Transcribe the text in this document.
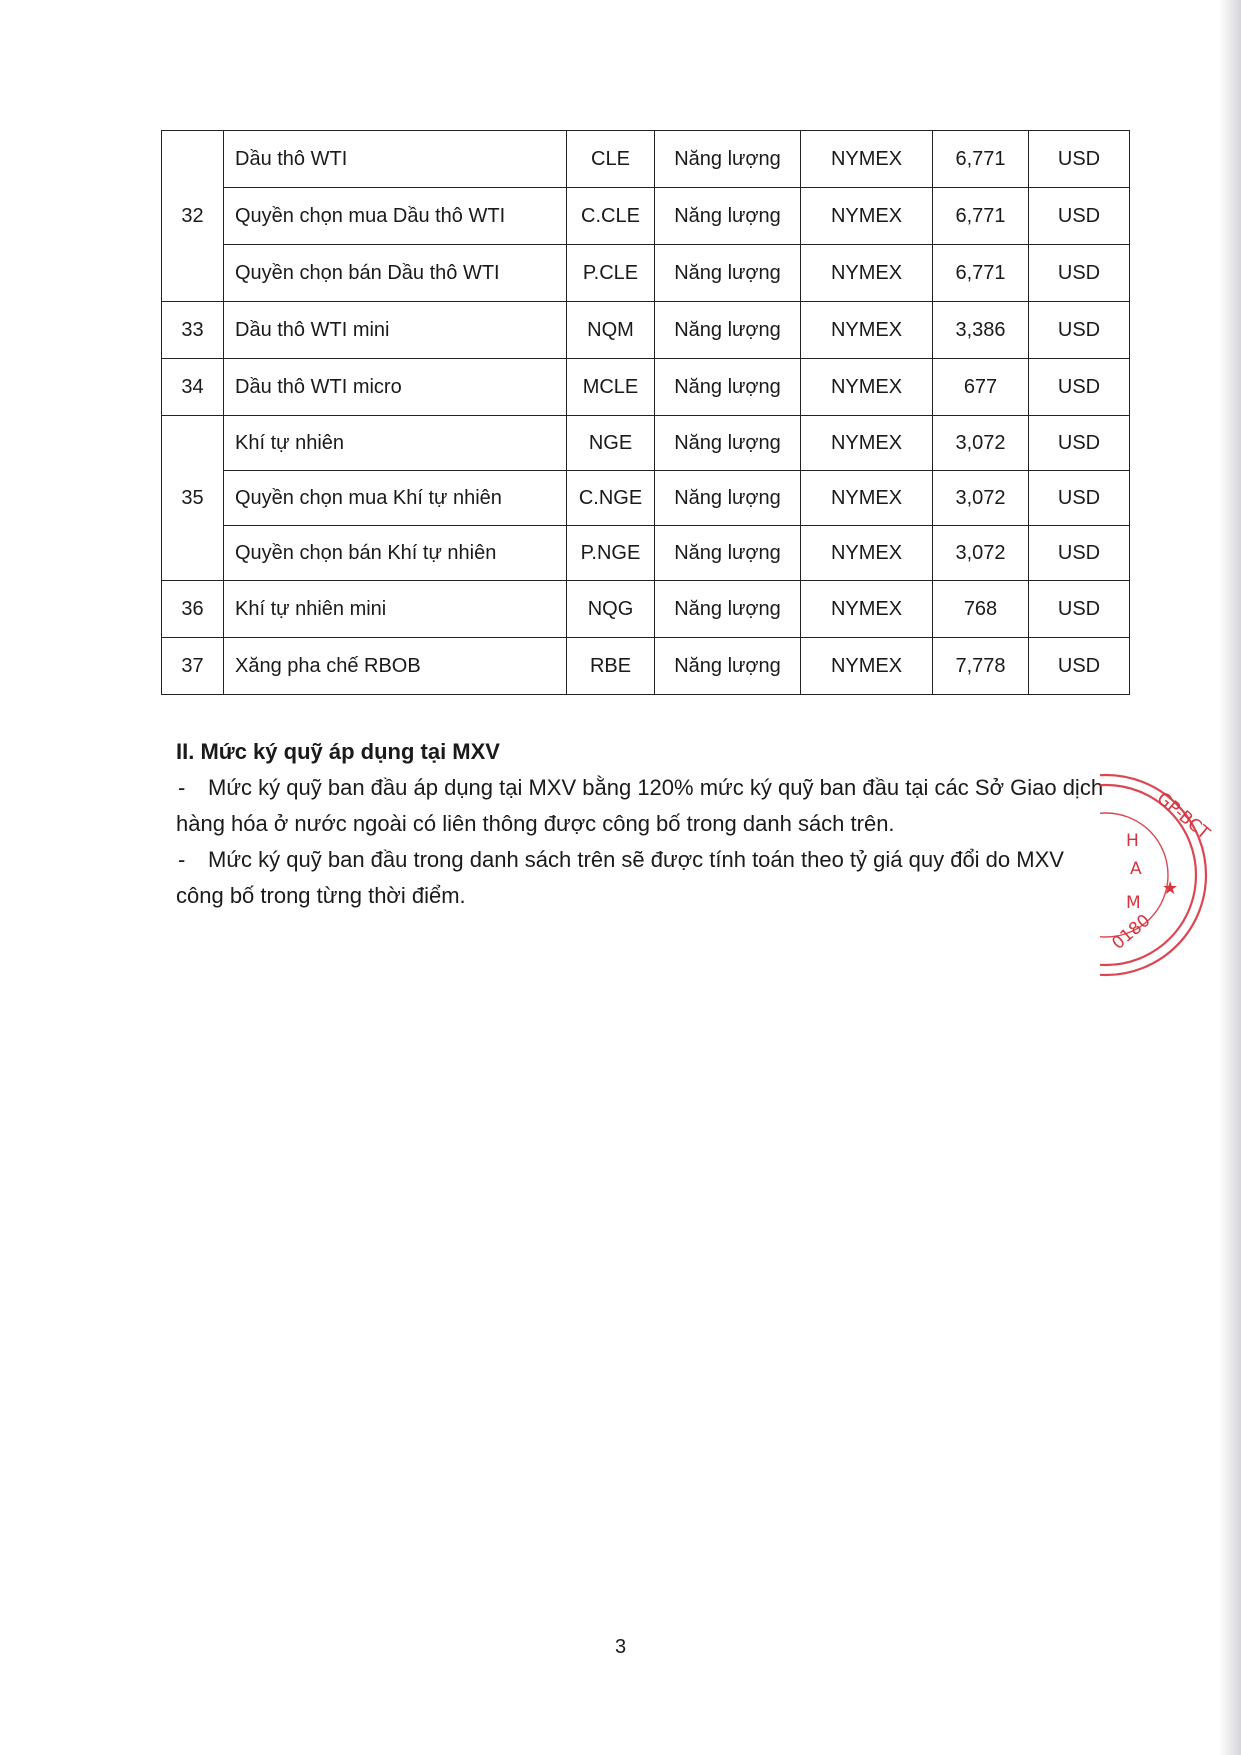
32	Dầu thô WTI	CLE	Năng lượng	NYMEX	6,771	USD
	Quyền chọn mua Dầu thô WTI	C.CLE	Năng lượng	NYMEX	6,771	USD
	Quyền chọn bán Dầu thô WTI	P.CLE	Năng lượng	NYMEX	6,771	USD
33	Dầu thô WTI mini	NQM	Năng lượng	NYMEX	3,386	USD
34	Dầu thô WTI micro	MCLE	Năng lượng	NYMEX	677	USD
35	Khí tự nhiên	NGE	Năng lượng	NYMEX	3,072	USD
	Quyền chọn mua Khí tự nhiên	C.NGE	Năng lượng	NYMEX	3,072	USD
	Quyền chọn bán Khí tự nhiên	P.NGE	Năng lượng	NYMEX	3,072	USD
36	Khí tự nhiên mini	NQG	Năng lượng	NYMEX	768	USD
37	Xăng pha chế RBOB	RBE	Năng lượng	NYMEX	7,778	USD
II. Mức ký quỹ áp dụng tại MXV

- Mức ký quỹ ban đầu áp dụng tại MXV bằng 120% mức ký quỹ ban đầu tại các Sở Giao dịch hàng hóa ở nước ngoài có liên thông được công bố trong danh sách trên.

- Mức ký quỹ ban đầu trong danh sách trên sẽ được tính toán theo tỷ giá quy đổi do MXV công bố trong từng thời điểm.

GP-BCT
H
A
M
0180
★
3
